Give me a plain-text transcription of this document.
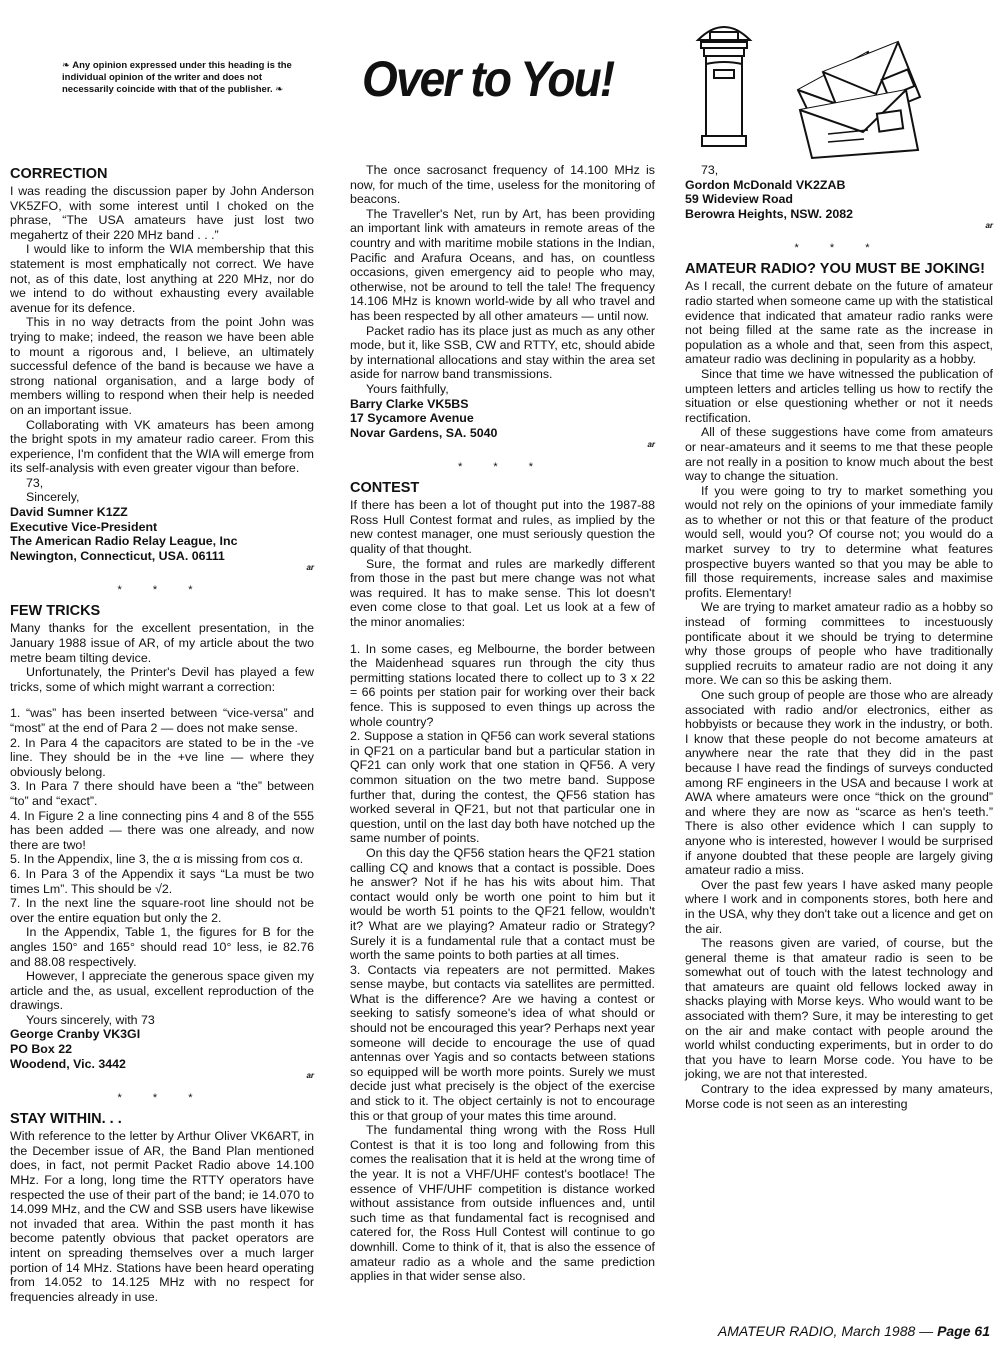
❧ Any opinion expressed under this heading is the individual opinion of the writer and does not necessarily coincide with that of the publisher. ❧	Over to You!
CORRECTION

I was reading the discussion paper by John Anderson VK5ZFO, with some interest until I choked on the phrase, “The USA amateurs have just lost two megahertz of their 220 MHz band . . .”

I would like to inform the WIA membership that this statement is most emphatically not correct. We have not, as of this date, lost anything at 220 MHz, nor do we intend to do without exhausting every available avenue for its defence.

This in no way detracts from the point John was trying to make; indeed, the reason we have been able to mount a rigorous and, I believe, an ultimately successful defence of the band is because we have a strong national organisation, and a large body of members willing to respond when their help is needed on an important issue.

Collaborating with VK amateurs has been among the bright spots in my amateur radio career. From this experience, I'm confident that the WIA will emerge from its self-analysis with even greater vigour than before.

73,

Sincerely,

David Sumner K1ZZ

Executive Vice-President

The American Radio Relay League, Inc

Newington, Connecticut, USA. 06111

ar

* * *
FEW TRICKS

Many thanks for the excellent presentation, in the January 1988 issue of AR, of my article about the two metre beam tilting device.

Unfortunately, the Printer's Devil has played a few tricks, some of which might warrant a correction:

1. “was” has been inserted between “vice-versa” and “most” at the end of Para 2 — does not make sense.

2. In Para 4 the capacitors are stated to be in the -ve line. They should be in the +ve line — where they obviously belong.

3. In Para 7 there should have been a “the” between “to” and “exact”.

4. In Figure 2 a line connecting pins 4 and 8 of the 555 has been added — there was one already, and now there are two!

5. In the Appendix, line 3, the α is missing from cos α.

6. In Para 3 of the Appendix it says “La must be two times Lm”. This should be √2.

7. In the next line the square-root line should not be over the entire equation but only the 2.

In the Appendix, Table 1, the figures for B for the angles 150° and 165° should read 10° less, ie 82.76 and 88.08 respectively.

However, I appreciate the generous space given my article and the, as usual, excellent reproduction of the drawings.

Yours sincerely, with 73

George Cranby VK3GI

PO Box 22

Woodend, Vic. 3442

ar

* * *
STAY WITHIN. . .

With reference to the letter by Arthur Oliver VK6ART, in the December issue of AR, the Band Plan mentioned does, in fact, not permit Packet Radio above 14.100 MHz. For a long, long time the RTTY operators have respected the use of their part of the band; ie 14.070 to 14.099 MHz, and the CW and SSB users have likewise not invaded that area. Within the past month it has become patently obvious that packet operators are intent on spreading themselves over a much larger portion of 14 MHz. Stations have been heard operating from 14.052 to 14.125 MHz with no respect for frequencies already in use.

The once sacrosanct frequency of 14.100 MHz is now, for much of the time, useless for the monitoring of beacons.

The Traveller's Net, run by Art, has been providing an important link with amateurs in remote areas of the country and with maritime mobile stations in the Indian, Pacific and Arafura Oceans, and has, on countless occasions, given emergency aid to people who may, otherwise, not be around to tell the tale! The frequency 14.106 MHz is known world-wide by all who travel and has been respected by all other amateurs — until now.

Packet radio has its place just as much as any other mode, but it, like SSB, CW and RTTY, etc, should abide by international allocations and stay within the area set aside for narrow band transmissions.

Yours faithfully,

Barry Clarke VK5BS

17 Sycamore Avenue

Novar Gardens, SA. 5040

ar

* * *
CONTEST

If there has been a lot of thought put into the 1987-88 Ross Hull Contest format and rules, as implied by the new contest manager, one must seriously question the quality of that thought.

Sure, the format and rules are markedly different from those in the past but mere change was not what was required. It has to make sense. This lot doesn't even come close to that goal. Let us look at a few of the minor anomalies:

1. In some cases, eg Melbourne, the border between the Maidenhead squares run through the city thus permitting stations located there to collect up to 3 x 22 = 66 points per station pair for working over their back fence. This is supposed to even things up across the whole country?

2. Suppose a station in QF56 can work several stations in QF21 on a particular band but a particular station in QF21 can only work that one station in QF56. A very common situation on the two metre band. Suppose further that, during the contest, the QF56 station has worked several in QF21, but not that particular one in question, until on the last day both have notched up the same number of points.

On this day the QF56 station hears the QF21 station calling CQ and knows that a contact is possible. Does he answer? Not if he has his wits about him. That contact would only be worth one point to him but it would be worth 51 points to the QF21 fellow, wouldn't it? What are we playing? Amateur radio or Strategy? Surely it is a fundamental rule that a contact must be worth the same points to both parties at all times.

3. Contacts via repeaters are not permitted. Makes sense maybe, but contacts via satellites are permitted. What is the difference? Are we having a contest or seeking to satisfy someone's idea of what should or should not be encouraged this year? Perhaps next year someone will decide to encourage the use of quad antennas over Yagis and so contacts between stations so equipped will be worth more points. Surely we must decide just what precisely is the object of the exercise and stick to it. The object certainly is not to encourage this or that group of your mates this time around.

The fundamental thing wrong with the Ross Hull Contest is that it is too long and following from this comes the realisation that it is held at the wrong time of the year. It is not a VHF/UHF contest's bootlace! The essence of VHF/UHF competition is distance worked without assistance from outside influences and, until such time as that fundamental fact is recognised and catered for, the Ross Hull Contest will continue to go downhill. Come to think of it, that is also the essence of amateur radio as a whole and the same prediction applies in that wider sense also.

73,

Gordon McDonald VK2ZAB

59 Wideview Road

Berowra Heights, NSW. 2082

ar

* * *
AMATEUR RADIO? YOU MUST BE JOKING!

As I recall, the current debate on the future of amateur radio started when someone came up with the statistical evidence that indicated that amateur radio ranks were not being filled at the same rate as the increase in population as a whole and that, seen from this aspect, amateur radio was declining in popularity as a hobby.

Since that time we have witnessed the publication of umpteen letters and articles telling us how to rectify the situation or else questioning whether or not it needs rectification.

All of these suggestions have come from amateurs or near-amateurs and it seems to me that these people are not really in a position to know much about the best way to change the situation.

If you were going to try to market something you would not rely on the opinions of your immediate family as to whether or not this or that feature of the product would sell, would you? Of course not; you would do a market survey to try to determine what features prospective buyers wanted so that you may be able to fill those requirements, increase sales and maximise profits. Elementary!

We are trying to market amateur radio as a hobby so instead of forming committees to incestuously pontificate about it we should be trying to determine why those groups of people who have traditionally supplied recruits to amateur radio are not doing it any more. We can so this be asking them.

One such group of people are those who are already associated with radio and/or electronics, either as hobbyists or because they work in the industry, or both. I know that these people do not become amateurs at anywhere near the rate that they did in the past because I have read the findings of surveys conducted among RF engineers in the USA and because I work at AWA where amateurs were once “thick on the ground” and where they are now as “scarce as hen's teeth.” There is also other evidence which I can supply to anyone who is interested, however I would be surprised if anyone doubted that these people are largely giving amateur radio a miss.

Over the past few years I have asked many people where I work and in components stores, both here and in the USA, why they don't take out a licence and get on the air.

The reasons given are varied, of course, but the general theme is that amateur radio is seen to be somewhat out of touch with the latest technology and that amateurs are quaint old fellows locked away in shacks playing with Morse keys. Who would want to be associated with them? Sure, it may be interesting to get on the air and make contact with people around the world whilst conducting experiments, but in order to do that you have to learn Morse code. You have to be joking, we are not that interested.

Contrary to the idea expressed by many amateurs, Morse code is not seen as an interesting

AMATEUR RADIO, March 1988 — Page 61
